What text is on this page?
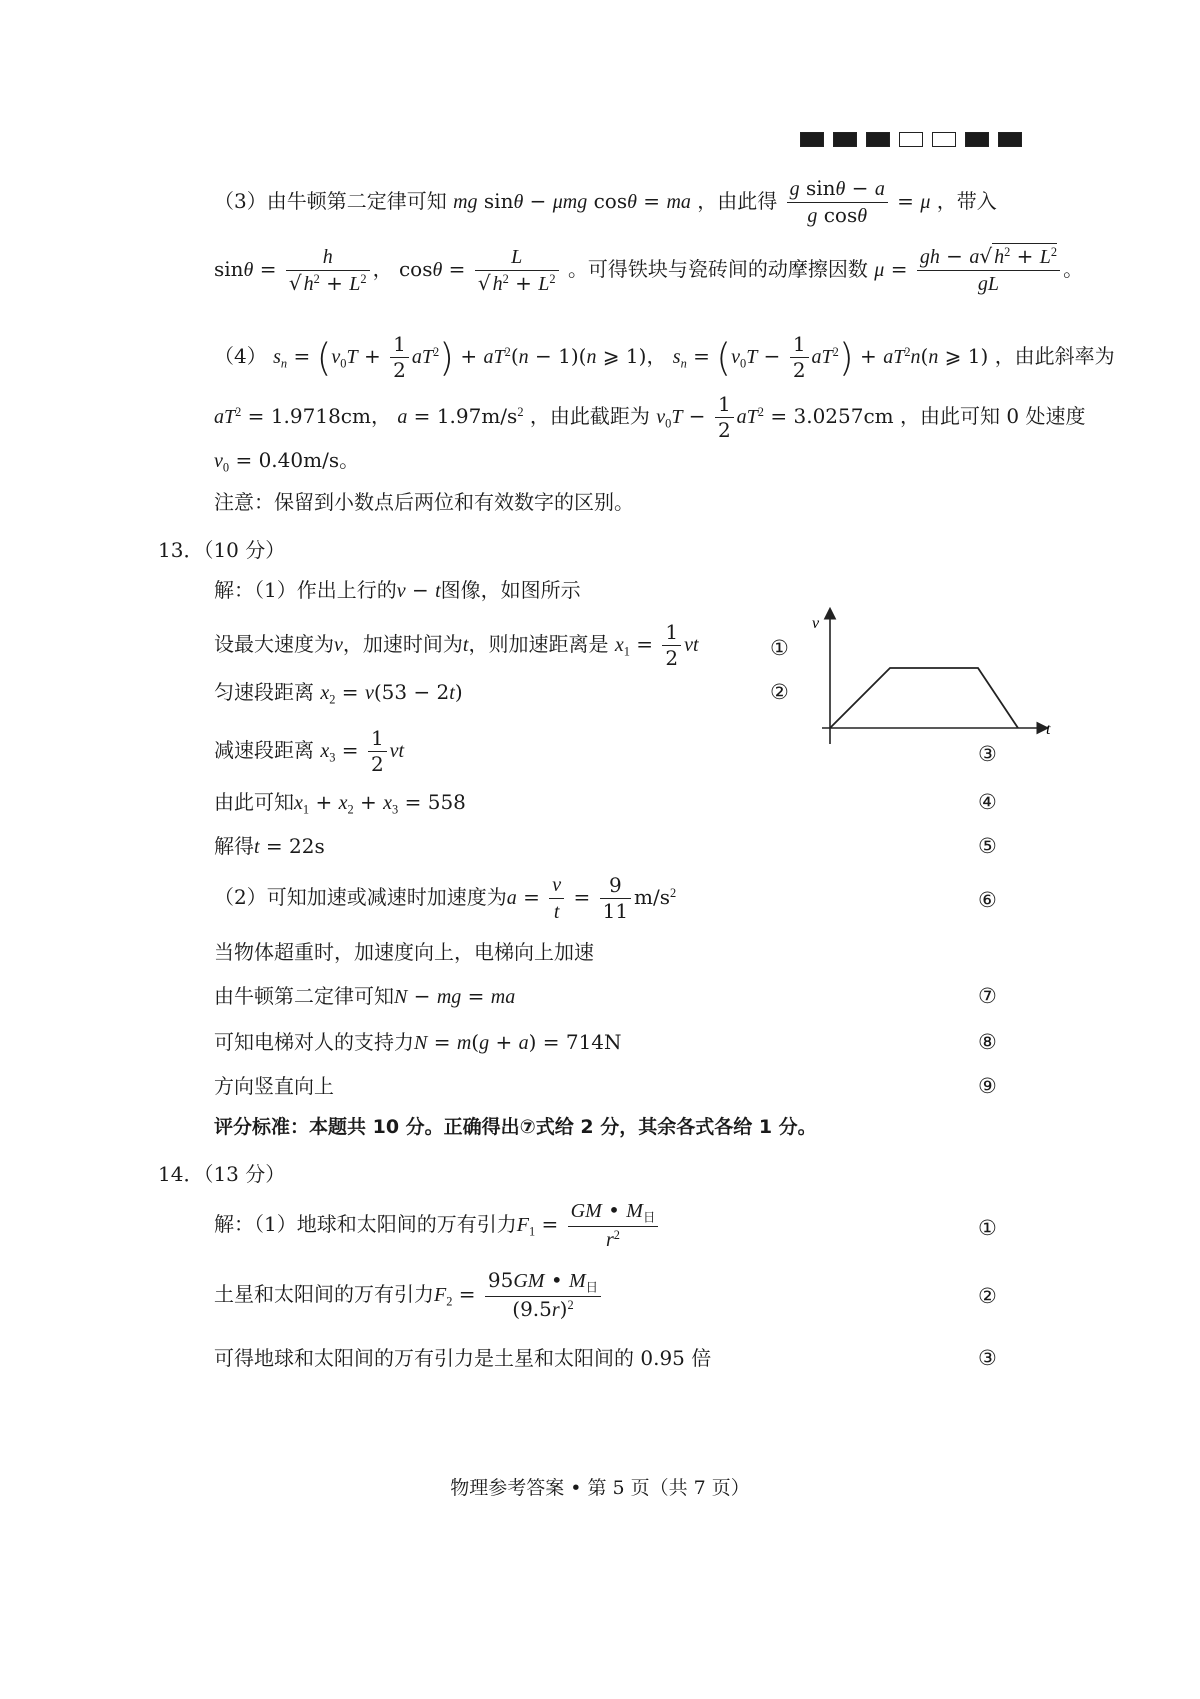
（3）由牛顿第二定律可知 mg sinθ − μmg cosθ = ma ，由此得 $\frac{\text{g sinθ − a}}{\text{g cosθ}} = \mu$ ，带入
$\sin\theta = \frac{h}{√ h^2 + L^2}$ ， $\cos\theta = \frac{L}{√ h^2 + L^2}$ 。可得铁块与瓷砖间的动摩擦因数 $\mu = \frac{gh - a√ h^2 + L^2}{gL}$ 。
（4） $s_n = (v_0T + \frac{1}{2} aT^2) + aT^2(n - 1)(n$ ⩾ 1)， $s_n = (v_0T - \frac{1}{2} aT^2) + aT^2n(n$ ⩾ 1) ，由此斜率为
$aT^2 = 1.9718cm$， $a = 1.97m/s^2$ ，由此截距为 $v_0T - \frac{1}{2} aT^2 = 3.0257cm$ ，由此可知 0 处速度
$v_0 = 0.40m/s$。
注意：保留到小数点后两位和有效数字的区别。
13．（10 分）
解：（1）作出上行的v − t图像，如图所示
设最大速度为v，加速时间为t，则加速距离是 $x_1 = \frac{1}{2}$ vt	①
匀速段距离 $x_2 = v(53 - 2t)$	②
减速段距离 $x_3 = \frac{1}{2}$ vt	③
由此可知$x_1 + x_2 + x_3 = 558$	④
解得t = 22s	⑤
（2）可知加速或减速时加速度为$a = \frac{v}{t} = \frac{9}{11} m/s^2$	⑥
当物体超重时，加速度向上，电梯向上加速
由牛顿第二定律可知N − mg = ma	⑦
可知电梯对人的支持力N = m(g + a) = 714N	⑧
方向竖直向上	⑨
评分标准：本题共 10 分。正确得出⑦式给 2 分，其余各式各给 1 分。
v
t
14．（13 分）
解：（1）地球和太阳间的万有引力$F_1 = \frac{GM • M_日}{r^2}$	①
土星和太阳间的万有引力$F_2 = \frac{95GM • M_日}{(9.5r)^2}$	②
可得地球和太阳间的万有引力是土星和太阳间的 0.95 倍	③
物理参考答案 • 第 5 页（共 7 页）
